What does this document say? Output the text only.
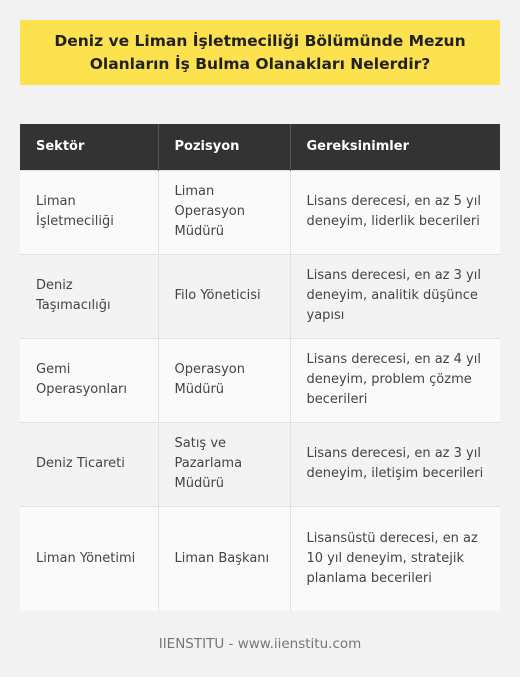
Deniz ve Liman İşletmeciliği Bölümünde Mezun Olanların İş Bulma Olanakları Nelerdir?
Sektör	Pozisyon	Gereksinimler
Liman İşletmeciliği	Liman Operasyon Müdürü	Lisans derecesi, en az 5 yıl deneyim, liderlik becerileri
Deniz Taşımacılığı	Filo Yöneticisi	Lisans derecesi, en az 3 yıl deneyim, analitik düşünce yapısı
Gemi Operasyonları	Operasyon Müdürü	Lisans derecesi, en az 4 yıl deneyim, problem çözme becerileri
Deniz Ticareti	Satış ve Pazarlama Müdürü	Lisans derecesi, en az 3 yıl deneyim, iletişim becerileri
Liman Yönetimi	Liman Başkanı	Lisansüstü derecesi, en az 10 yıl deneyim, stratejik planlama becerileri
IIENSTITU - www.iienstitu.com
